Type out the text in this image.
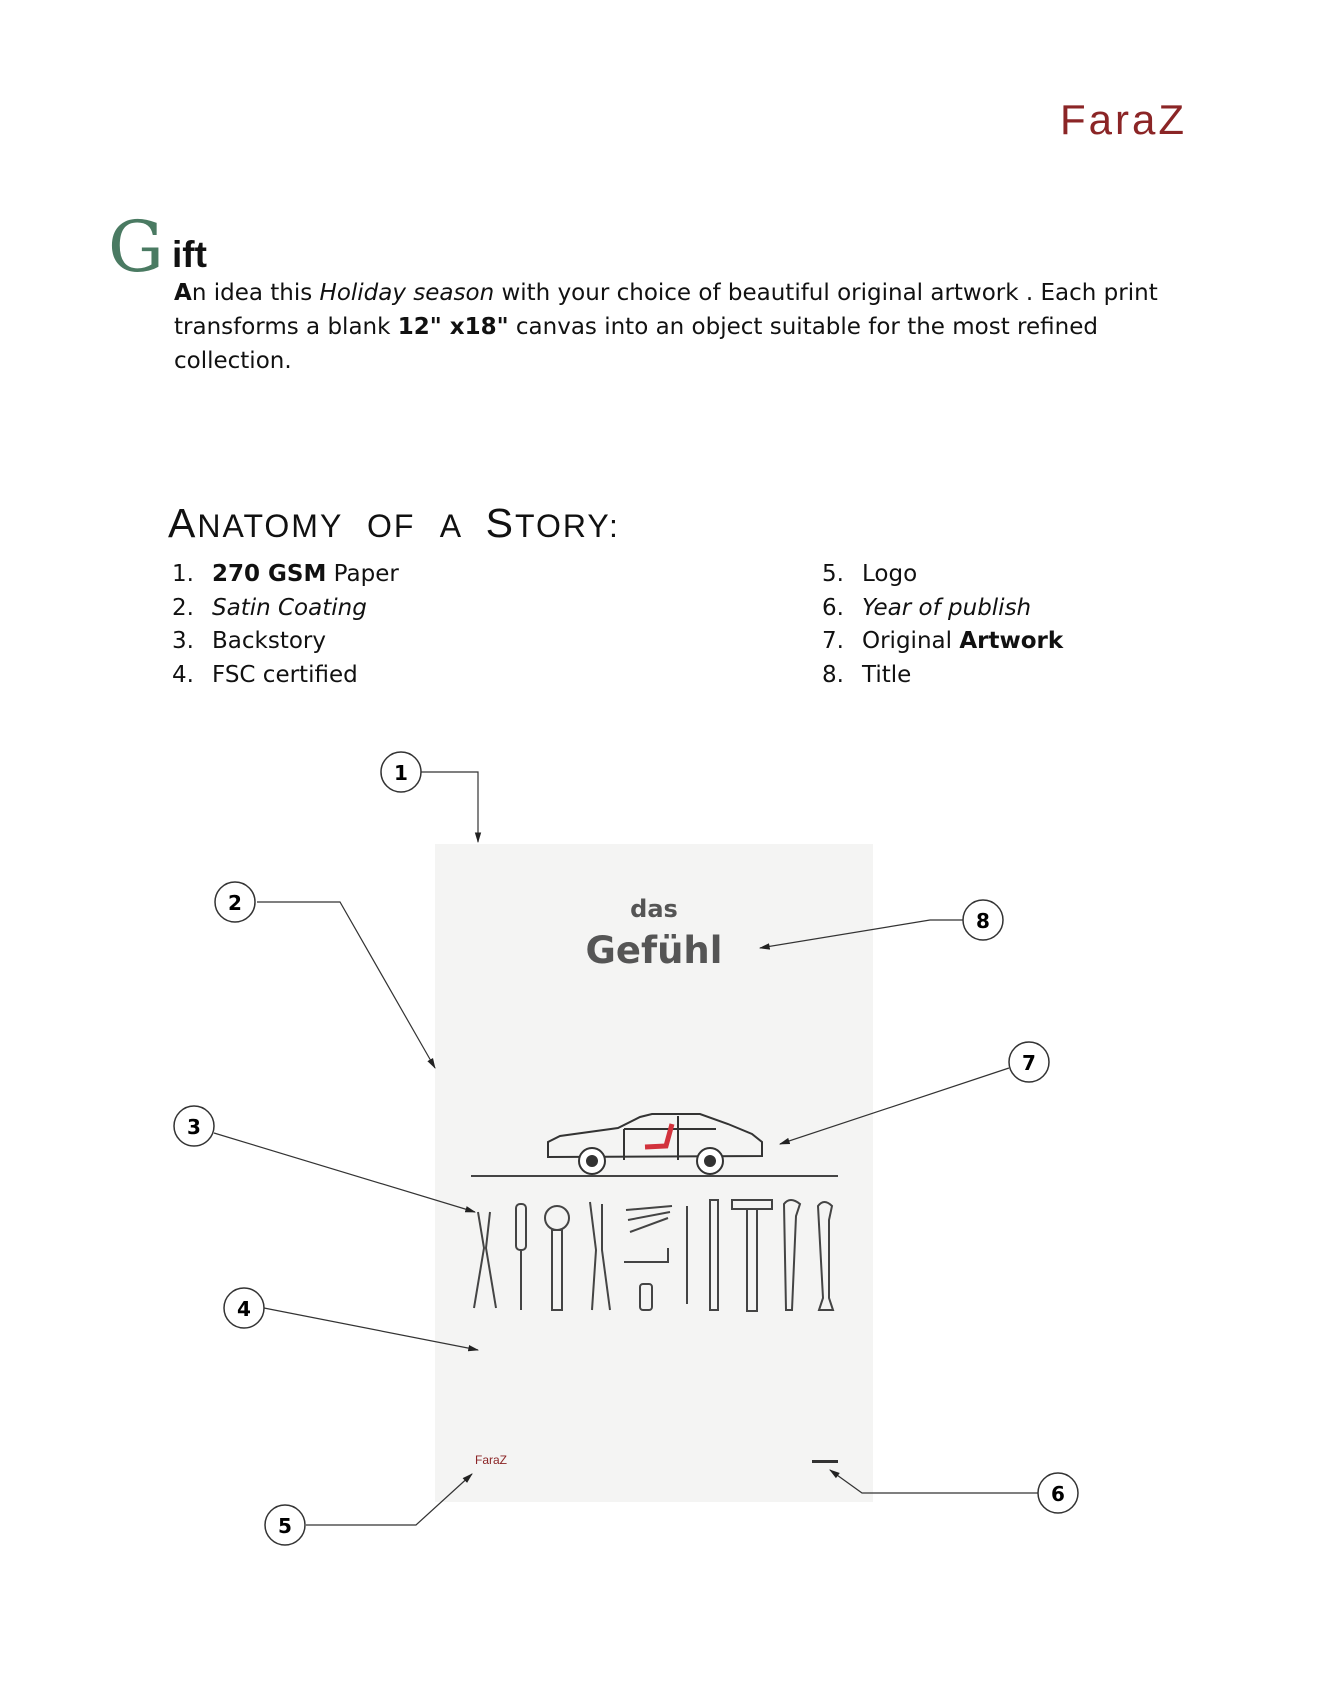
FaraZ
G ift
An idea this Holiday season with your choice of beautiful original artwork . Each print transforms a blank 12" x18" canvas into an object suitable for the most refined collection.
ANATOMY  OF  A  STORY:
1. 270 GSM Paper
2. Satin Coating
3. Backstory
4. FSC certified
5. Logo
6. Year of publish
7. Original Artwork
8. Title
das
Gefühl
FaraZ
1
2
3
4
5
6
7
8
